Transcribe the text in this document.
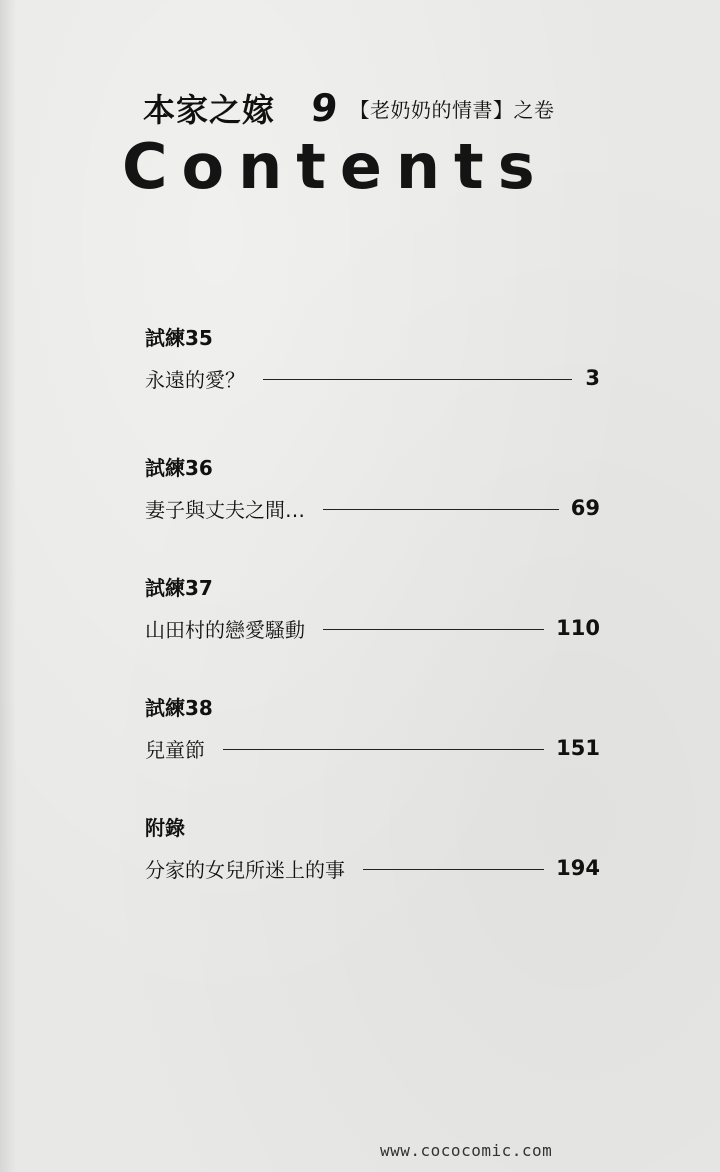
本家之嫁 9 【老奶奶的情書】之卷
Contents
試練35
永遠的愛？	3
試練36
妻子與丈夫之間…	69
試練37
山田村的戀愛騷動	110
試練38
兒童節	151
附錄
分家的女兒所迷上的事	194
www.cococomic.com
